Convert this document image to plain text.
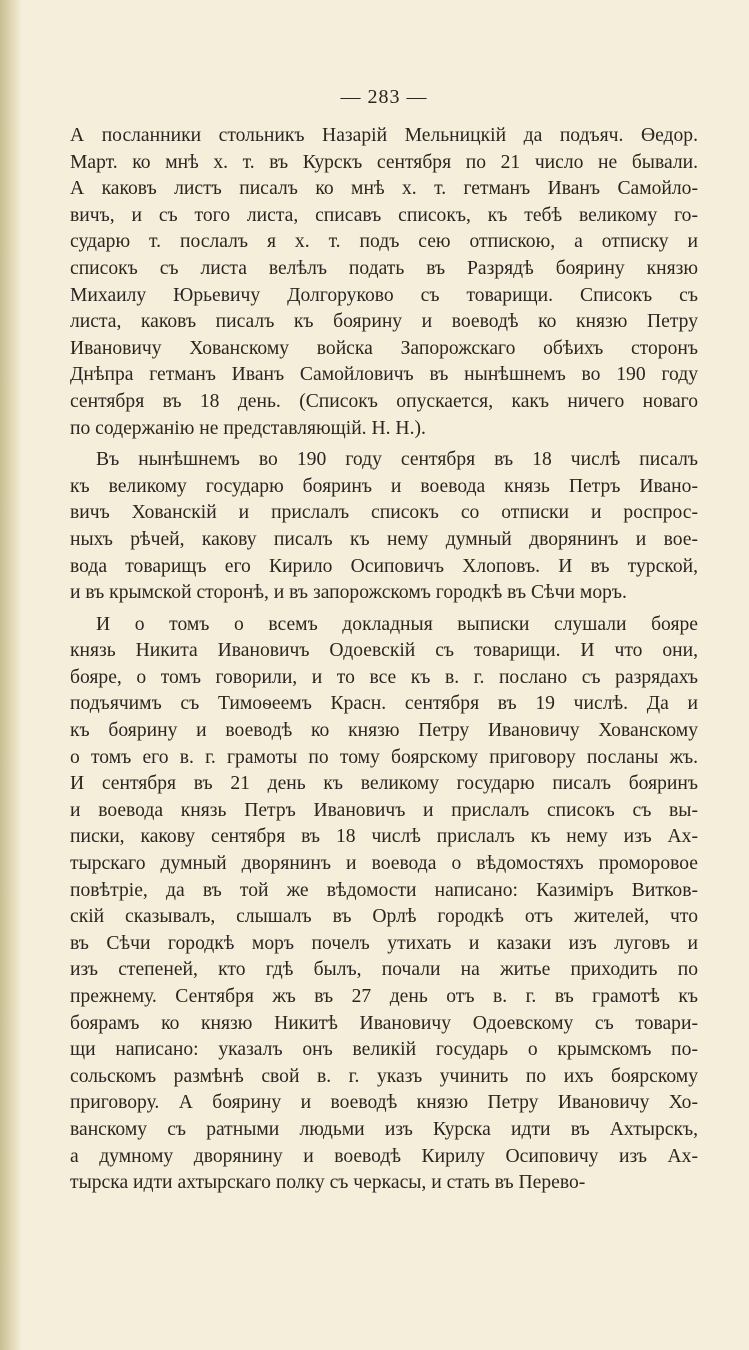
— 283 —
А посланники стольникъ Назарій Мельницкій да подъяч. Өедор.
Март. ко мнѣ х. т. въ Курскъ сентября по 21 число не бывали.
А каковъ листъ писалъ ко мнѣ х. т. гетманъ Иванъ Самойло-
вичъ, и съ того листа, списавъ списокъ, къ тебѣ великому го-
сударю т. послалъ я х. т. подъ сею отпискою, а отписку и
списокъ съ листа велѣлъ подать въ Разрядѣ боярину князю
Михаилу Юрьевичу Долгоруково съ товарищи. Списокъ съ
листа, каковъ писалъ къ боярину и воеводѣ ко князю Петру
Ивановичу Хованскому войска Запорожскаго обѣихъ сторонъ
Днѣпра гетманъ Иванъ Самойловичъ въ нынѣшнемъ во 190 году
сентября въ 18 день. (Списокъ опускается, какъ ничего новаго
по содержанію не представляющій. Н. Н.).
Въ нынѣшнемъ во 190 году сентября въ 18 числѣ писалъ
къ великому государю бояринъ и воевода князь Петръ Ивано-
вичъ Хованскій и прислалъ списокъ со отписки и роспрос-
ныхъ рѣчей, какову писалъ къ нему думный дворянинъ и вое-
вода товарищъ его Кирило Осиповичъ Хлоповъ. И въ турской,
и въ крымской сторонѣ, и въ запорожскомъ городкѣ въ Сѣчи моръ.
И о томъ о всемъ докладныя выписки слушали бояре
князь Никита Ивановичъ Одоевскій съ товарищи. И что они,
бояре, о томъ говорили, и то все къ в. г. послано съ разрядахъ
подъячимъ съ Тимоѳеемъ Красн. сентября въ 19 числѣ. Да и
къ боярину и воеводѣ ко князю Петру Ивановичу Хованскому
о томъ его в. г. грамоты по тому боярскому приговору посланы жъ.
И сентября въ 21 день къ великому государю писалъ бояринъ
и воевода князь Петръ Ивановичъ и прислалъ списокъ съ вы-
писки, какову сентября въ 18 числѣ прислалъ къ нему изъ Ах-
тырскаго думный дворянинъ и воевода о вѣдомостяхъ проморовое
повѣтріе, да въ той же вѣдомости написано: Казиміръ Витков-
скій сказывалъ, слышалъ въ Орлѣ городкѣ отъ жителей, что
въ Сѣчи городкѣ моръ почелъ утихать и казаки изъ луговъ и
изъ степеней, кто гдѣ былъ, почали на житье приходить по
прежнему. Сентября жъ въ 27 день отъ в. г. въ грамотѣ къ
боярамъ ко князю Никитѣ Ивановичу Одоевскому съ товари-
щи написано: указалъ онъ великій государь о крымскомъ по-
сольскомъ размѣнѣ свой в. г. указъ учинить по ихъ боярскому
приговору. А боярину и воеводѣ князю Петру Ивановичу Хо-
ванскому съ ратными людьми изъ Курска идти въ Ахтырскъ,
а думному дворянину и воеводѣ Кирилу Осиповичу изъ Ах-
тырска идти ахтырскаго полку съ черкасы, и стать въ Перево-
